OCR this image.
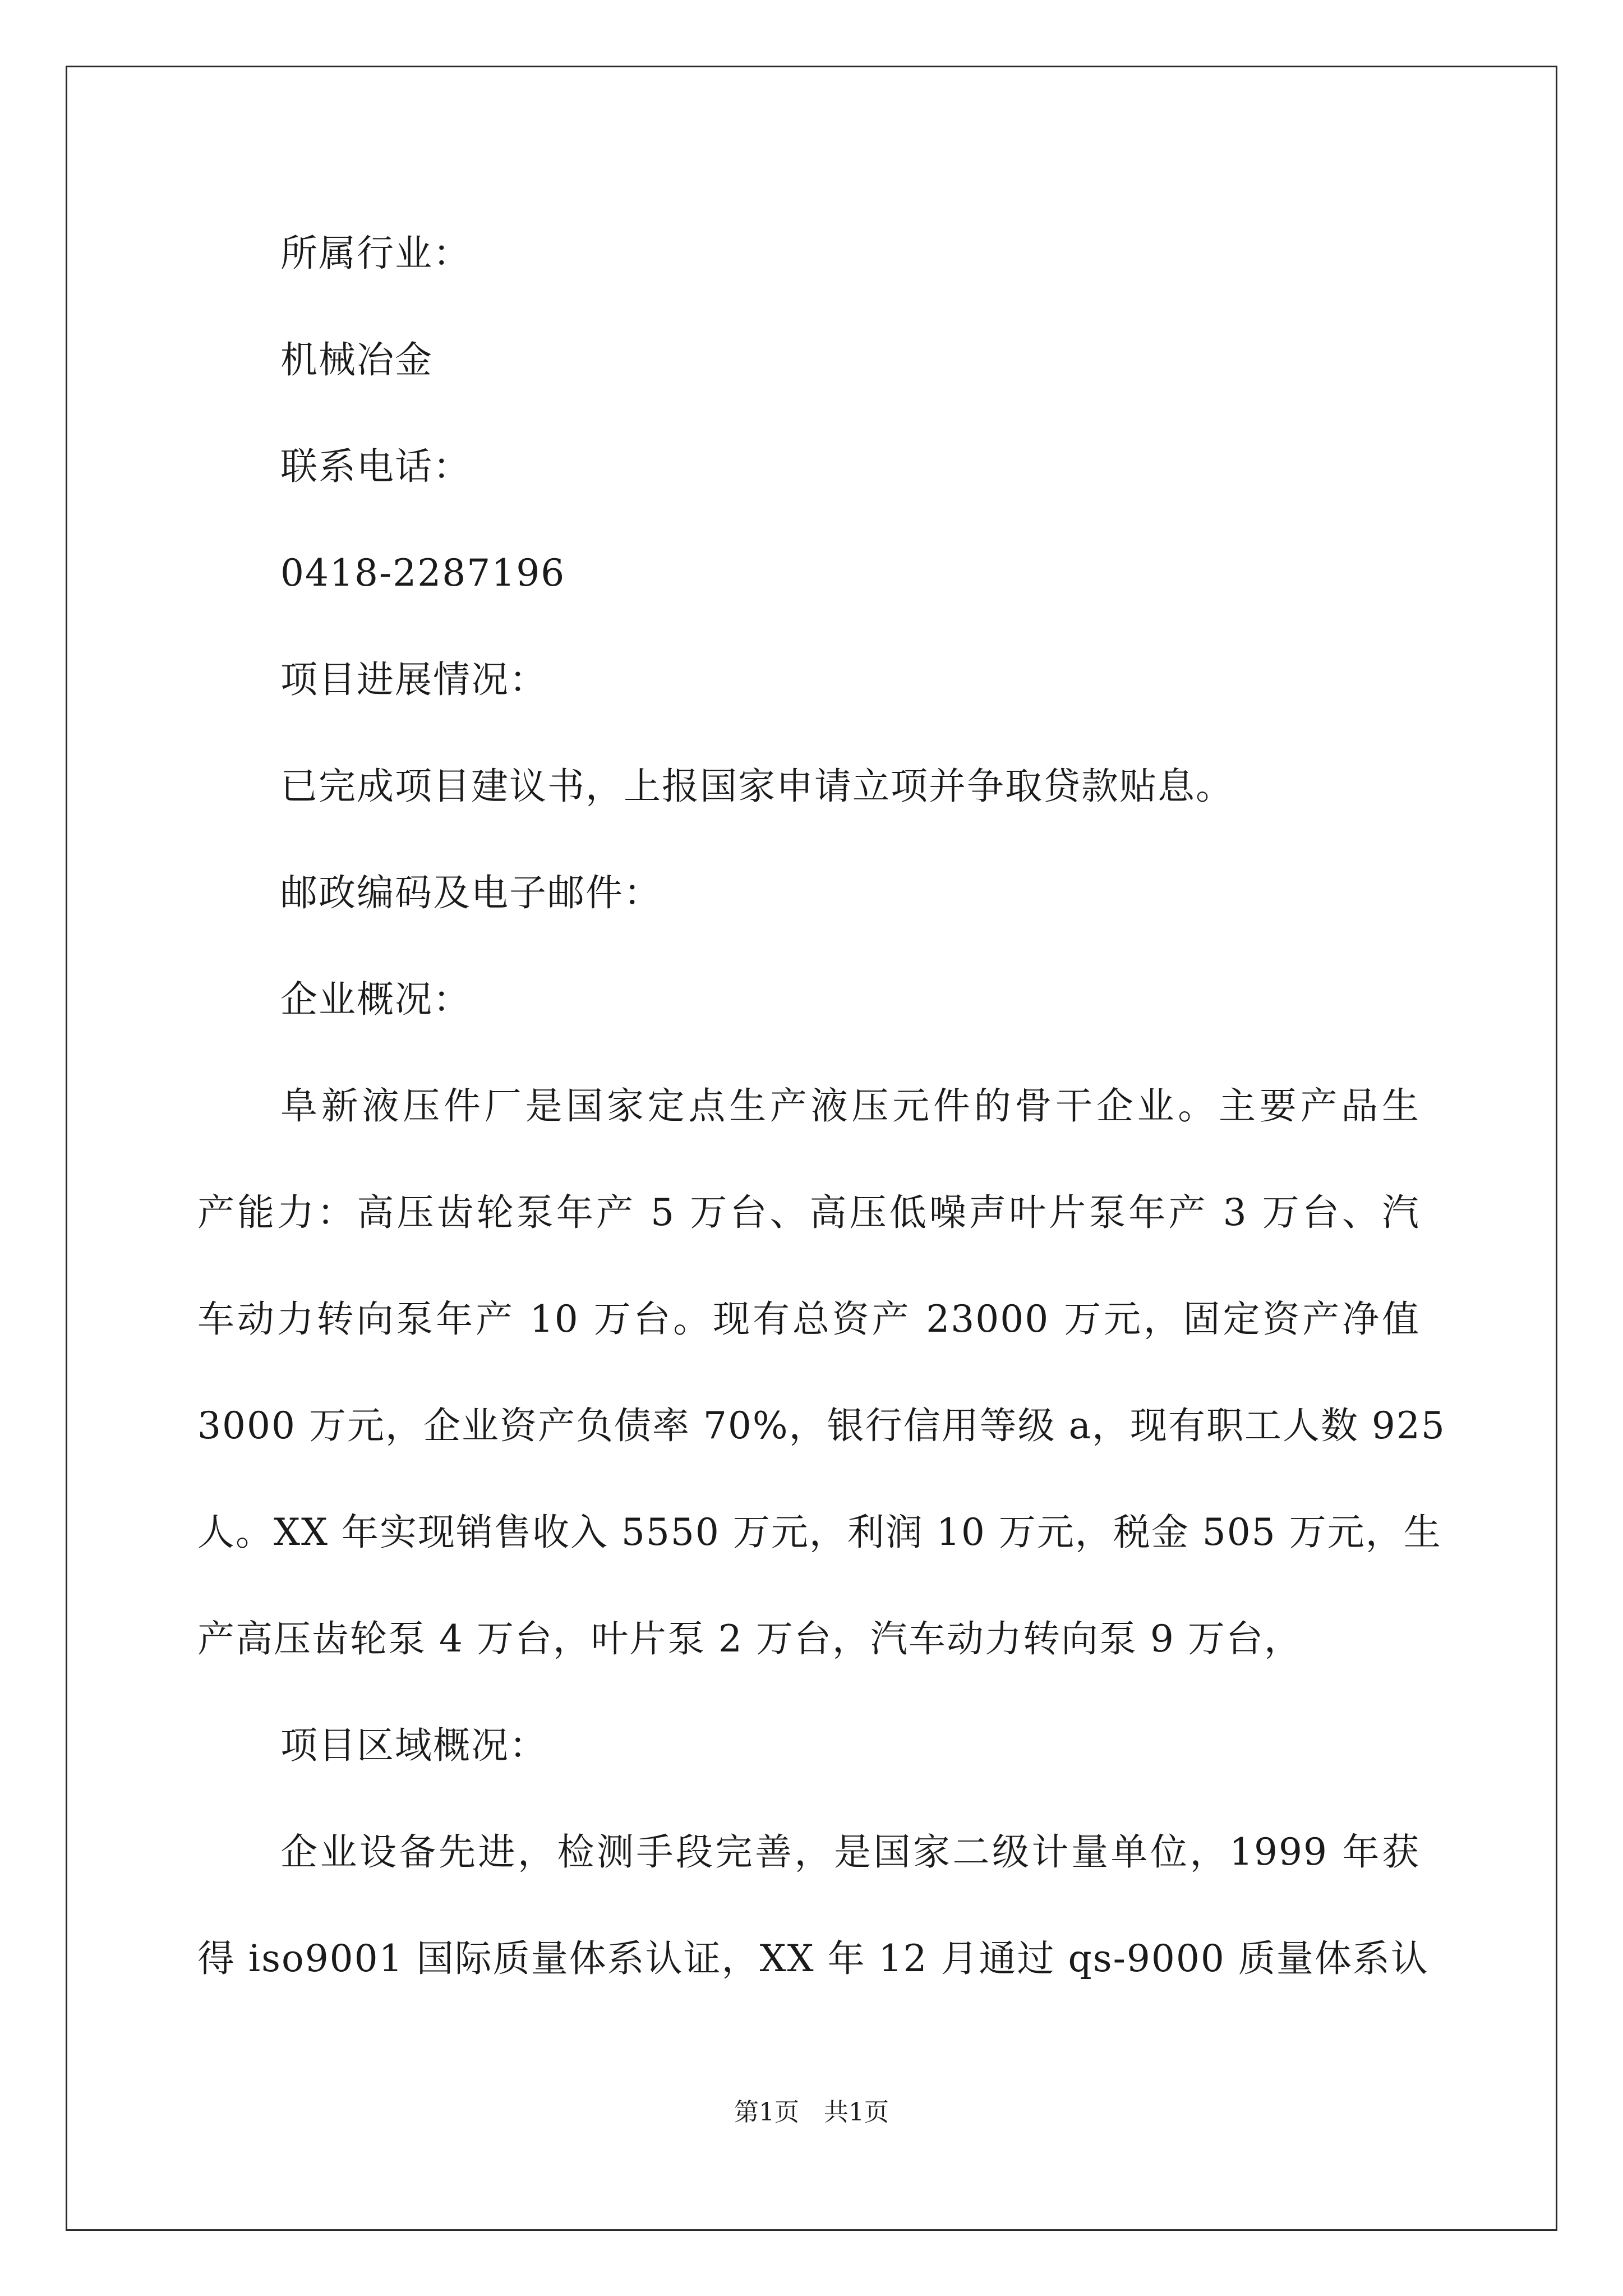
所属行业：
机械冶金
联系电话：
0418-2287196
项目进展情况：
已完成项目建议书，上报国家申请立项并争取贷款贴息。
邮政编码及电子邮件：
企业概况：
阜新液压件厂是国家定点生产液压元件的骨干企业。主要产品生
产能力：高压齿轮泵年产 5 万台、高压低噪声叶片泵年产 3 万台、汽
车动力转向泵年产 10 万台。现有总资产 23000 万元，固定资产净值
3000 万元，企业资产负债率 70%，银行信用等级 a，现有职工人数 925
人。XX 年实现销售收入 5550 万元，利润 10 万元，税金 505 万元，生
产高压齿轮泵 4 万台，叶片泵 2 万台，汽车动力转向泵 9 万台，
项目区域概况：
企业设备先进，检测手段完善，是国家二级计量单位，1999 年获
得 iso9001 国际质量体系认证，XX 年 12 月通过 qs-9000 质量体系认
第1页　共1页
